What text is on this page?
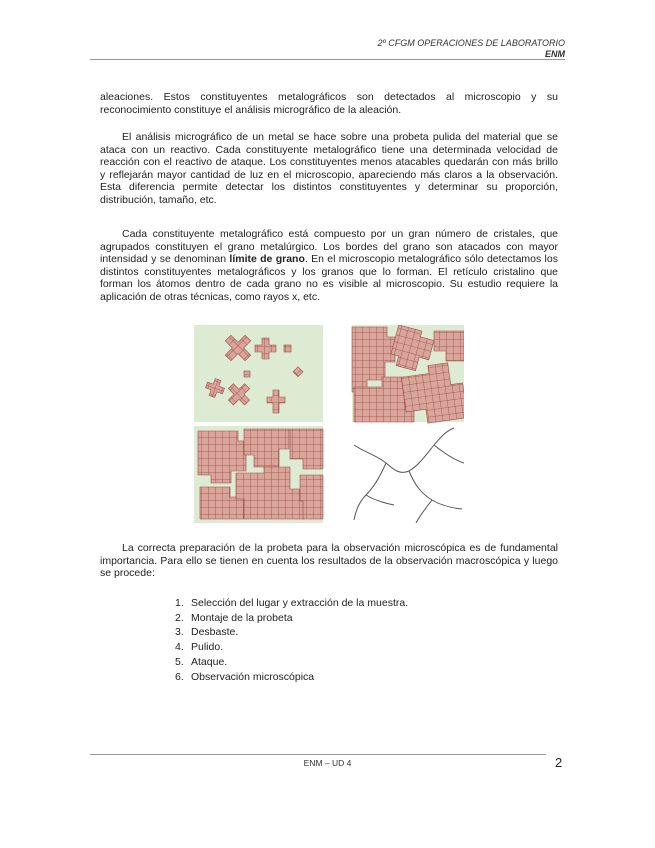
2º CFGM OPERACIONES DE LABORATORIO
ENM

aleaciones. Estos constituyentes metalográficos son detectados al microscopio y su reconocimiento constituye el análisis micrográfico de la aleación.

El análisis micrográfico de un metal se hace sobre una probeta pulida del material que se ataca con un reactivo. Cada constituyente metalográfico tiene una determinada velocidad de reacción con el reactivo de ataque. Los constituyentes menos atacables quedarán con más brillo y reflejarán mayor cantidad de luz en el microscopio, apareciendo más claros a la observación. Esta diferencia permite detectar los distintos constituyentes y determinar su proporción, distribución, tamaño, etc.

Cada constituyente metalográfico está compuesto por un gran número de cristales, que agrupados constituyen el grano metalúrgico. Los bordes del grano son atacados con mayor intensidad y se denominan límite de grano. En el microscopio metalográfico sólo detectamos los distintos constituyentes metalográficos y los granos que lo forman. El retículo cristalino que forman los átomos dentro de cada grano no es visible al microscopio. Su estudio requiere la aplicación de otras técnicas, como rayos x, etc.

La correcta preparación de la probeta para la observación microscópica es de fundamental importancia. Para ello se tienen en cuenta los resultados de la observación macroscópica y luego se procede:

1. Selección del lugar y extracción de la muestra.
2. Montaje de la probeta
3. Desbaste.
4. Pulido.
5. Ataque.
6. Observación microscópica
ENM – UD 4	2
